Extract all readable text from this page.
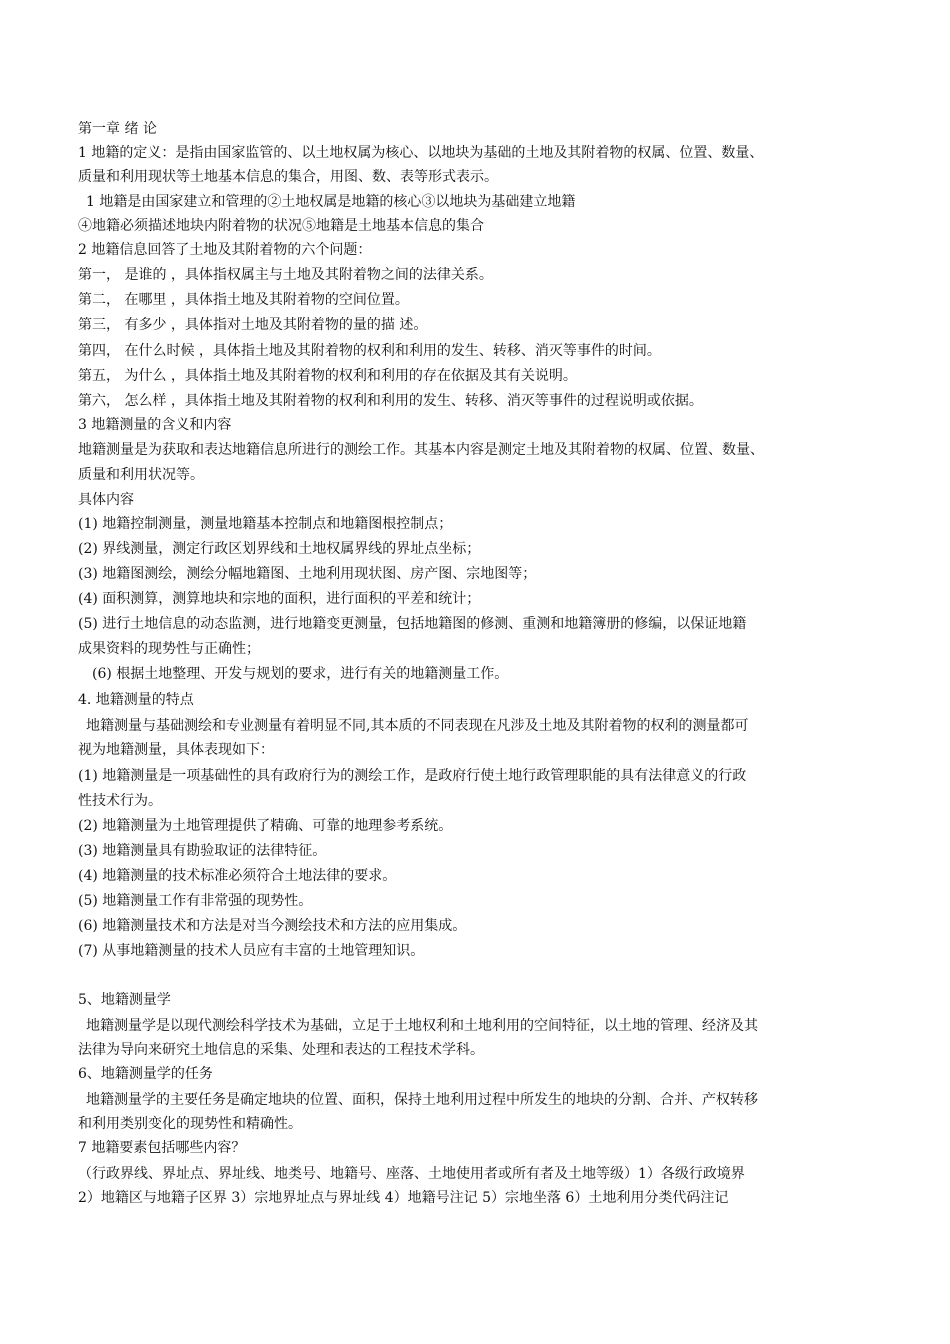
第一章 绪 论
1 地籍的定义：是指由国家监管的、以土地权属为核心、以地块为基础的土地及其附着物的权属、位置、数量、
质量和利用现状等土地基本信息的集合，用图、数、表等形式表示。
1 地籍是由国家建立和管理的②土地权属是地籍的核心③以地块为基础建立地籍
④地籍必须描述地块内附着物的状况⑤地籍是土地基本信息的集合
2 地籍信息回答了土地及其附着物的六个问题：
第一， 是谁的 ，具体指权属主与土地及其附着物之间的法律关系。
第二， 在哪里 ，具体指土地及其附着物的空间位置。
第三， 有多少 ，具体指对土地及其附着物的量的描 述。
第四， 在什么时候 ，具体指土地及其附着物的权利和利用的发生、转移、消灭等事件的时间。
第五， 为什么 ，具体指土地及其附着物的权利和利用的存在依据及其有关说明。
第六， 怎么样 ，具体指土地及其附着物的权利和利用的发生、转移、消灭等事件的过程说明或依据。
3 地籍测量的含义和内容
地籍测量是为获取和表达地籍信息所进行的测绘工作。其基本内容是测定土地及其附着物的权属、位置、数量、
质量和利用状况等。
具体内容
(1) 地籍控制测量，测量地籍基本控制点和地籍图根控制点；
(2) 界线测量，测定行政区划界线和土地权属界线的界址点坐标；
(3) 地籍图测绘，测绘分幅地籍图、土地利用现状图、房产图、宗地图等；
(4) 面积测算，测算地块和宗地的面积，进行面积的平差和统计；
(5) 进行土地信息的动态监测，进行地籍变更测量，包括地籍图的修测、重测和地籍簿册的修编，以保证地籍
成果资料的现势性与正确性；
(6) 根据土地整理、开发与规划的要求，进行有关的地籍测量工作。
4. 地籍测量的特点
地籍测量与基础测绘和专业测量有着明显不同,其本质的不同表现在凡涉及土地及其附着物的权利的测量都可
视为地籍测量，具体表现如下：
(1) 地籍测量是一项基础性的具有政府行为的测绘工作，是政府行使土地行政管理职能的具有法律意义的行政
性技术行为。
(2) 地籍测量为土地管理提供了精确、可靠的地理参考系统。
(3) 地籍测量具有勘验取证的法律特征。
(4) 地籍测量的技术标准必须符合土地法律的要求。
(5) 地籍测量工作有非常强的现势性。
(6) 地籍测量技术和方法是对当今测绘技术和方法的应用集成。
(7) 从事地籍测量的技术人员应有丰富的土地管理知识。
5、地籍测量学
地籍测量学是以现代测绘科学技术为基础，立足于土地权利和土地利用的空间特征，以土地的管理、经济及其
法律为导向来研究土地信息的采集、处理和表达的工程技术学科。
6、地籍测量学的任务
地籍测量学的主要任务是确定地块的位置、面积，保持土地利用过程中所发生的地块的分割、合并、产权转移
和利用类别变化的现势性和精确性。
7 地籍要素包括哪些内容？
（行政界线、界址点、界址线、地类号、地籍号、座落、土地使用者或所有者及土地等级）1）各级行政境界
2）地籍区与地籍子区界 3）宗地界址点与界址线 4）地籍号注记 5）宗地坐落 6）土地利用分类代码注记
